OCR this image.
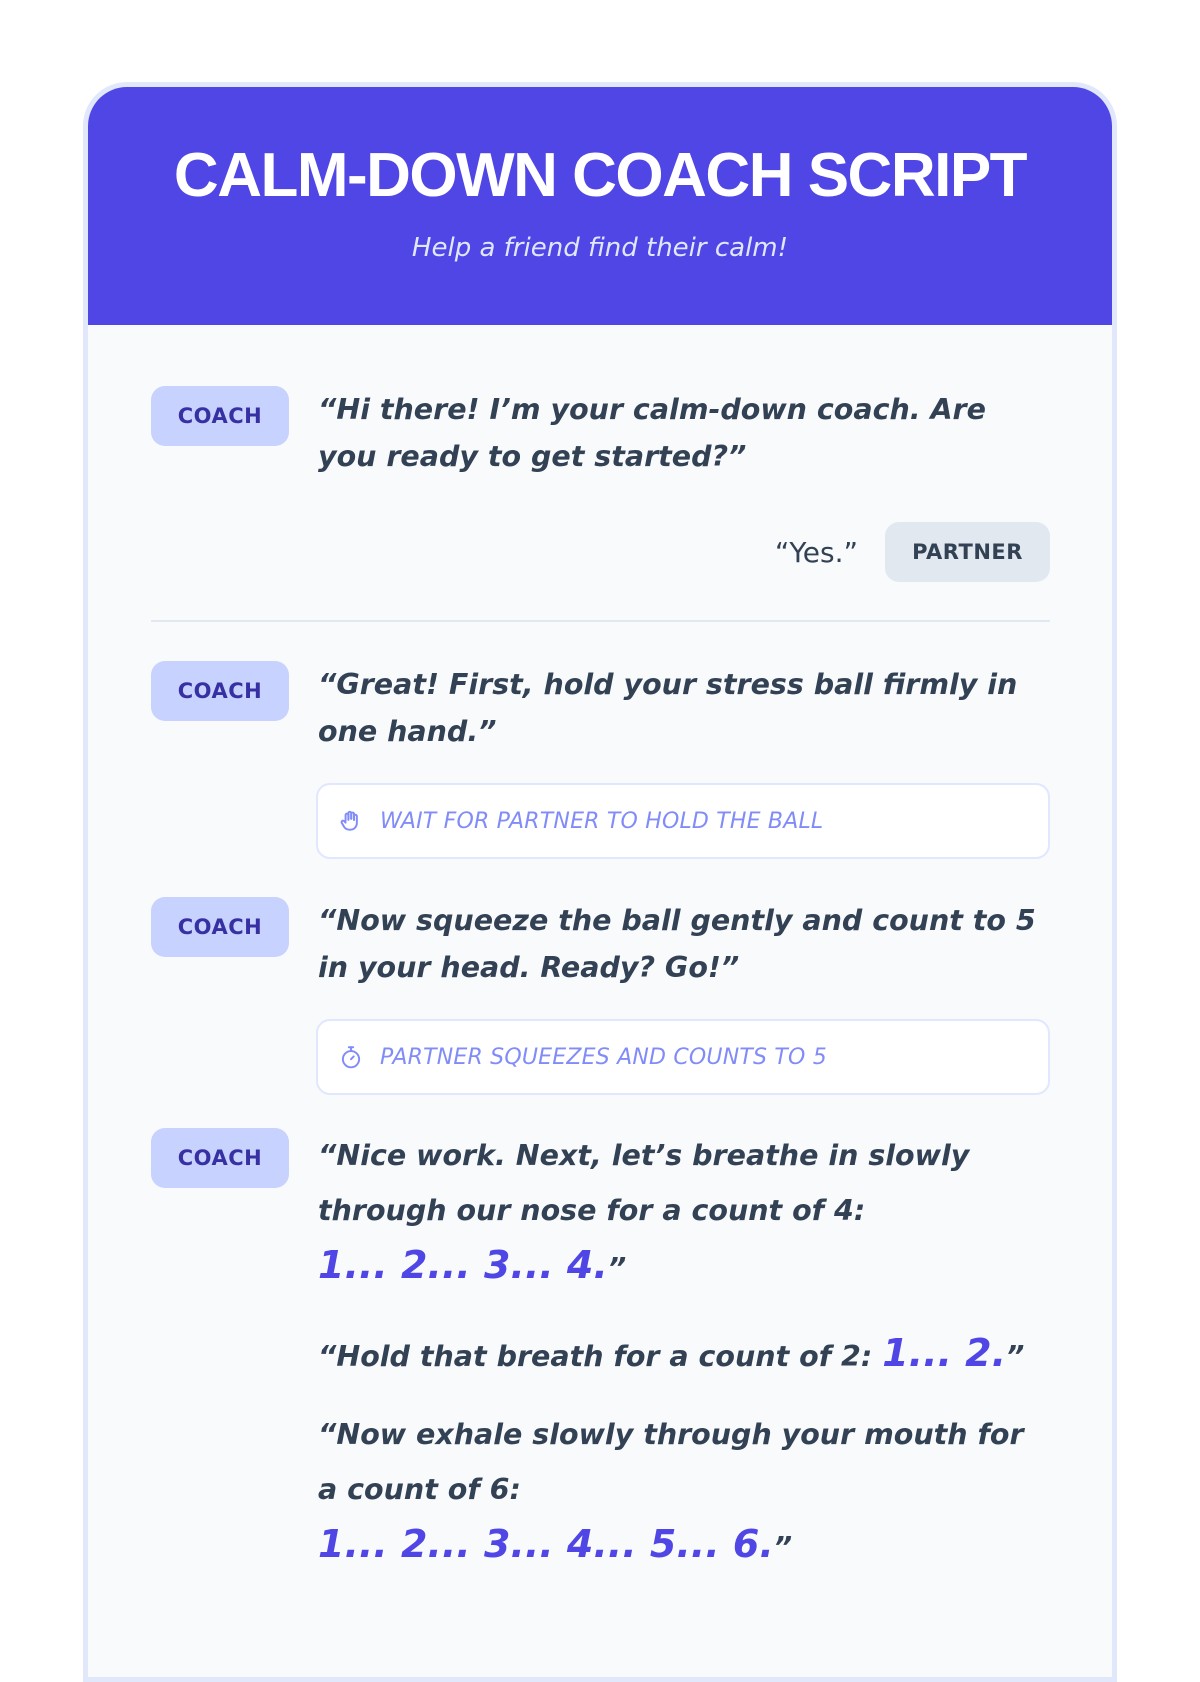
CALM-DOWN COACH SCRIPT
Help a friend find their calm!
COACH	“Hi there! I’m your calm-down coach. Are you ready to get started?”
“Yes.”	PARTNER
COACH	“Great! First, hold your stress ball firmly in one hand.”
WAIT FOR PARTNER TO HOLD THE BALL
COACH	“Now squeeze the ball gently and count to 5 in your head. Ready? Go!”
PARTNER SQUEEZES AND COUNTS TO 5
COACH	“Nice work. Next, let’s breathe in slowly through our nose for a count of 4:
1... 2... 3... 4.”
“Hold that breath for a count of 2: 1... 2.”
“Now exhale slowly through your mouth for a count of 6:
1... 2... 3... 4... 5... 6.”
